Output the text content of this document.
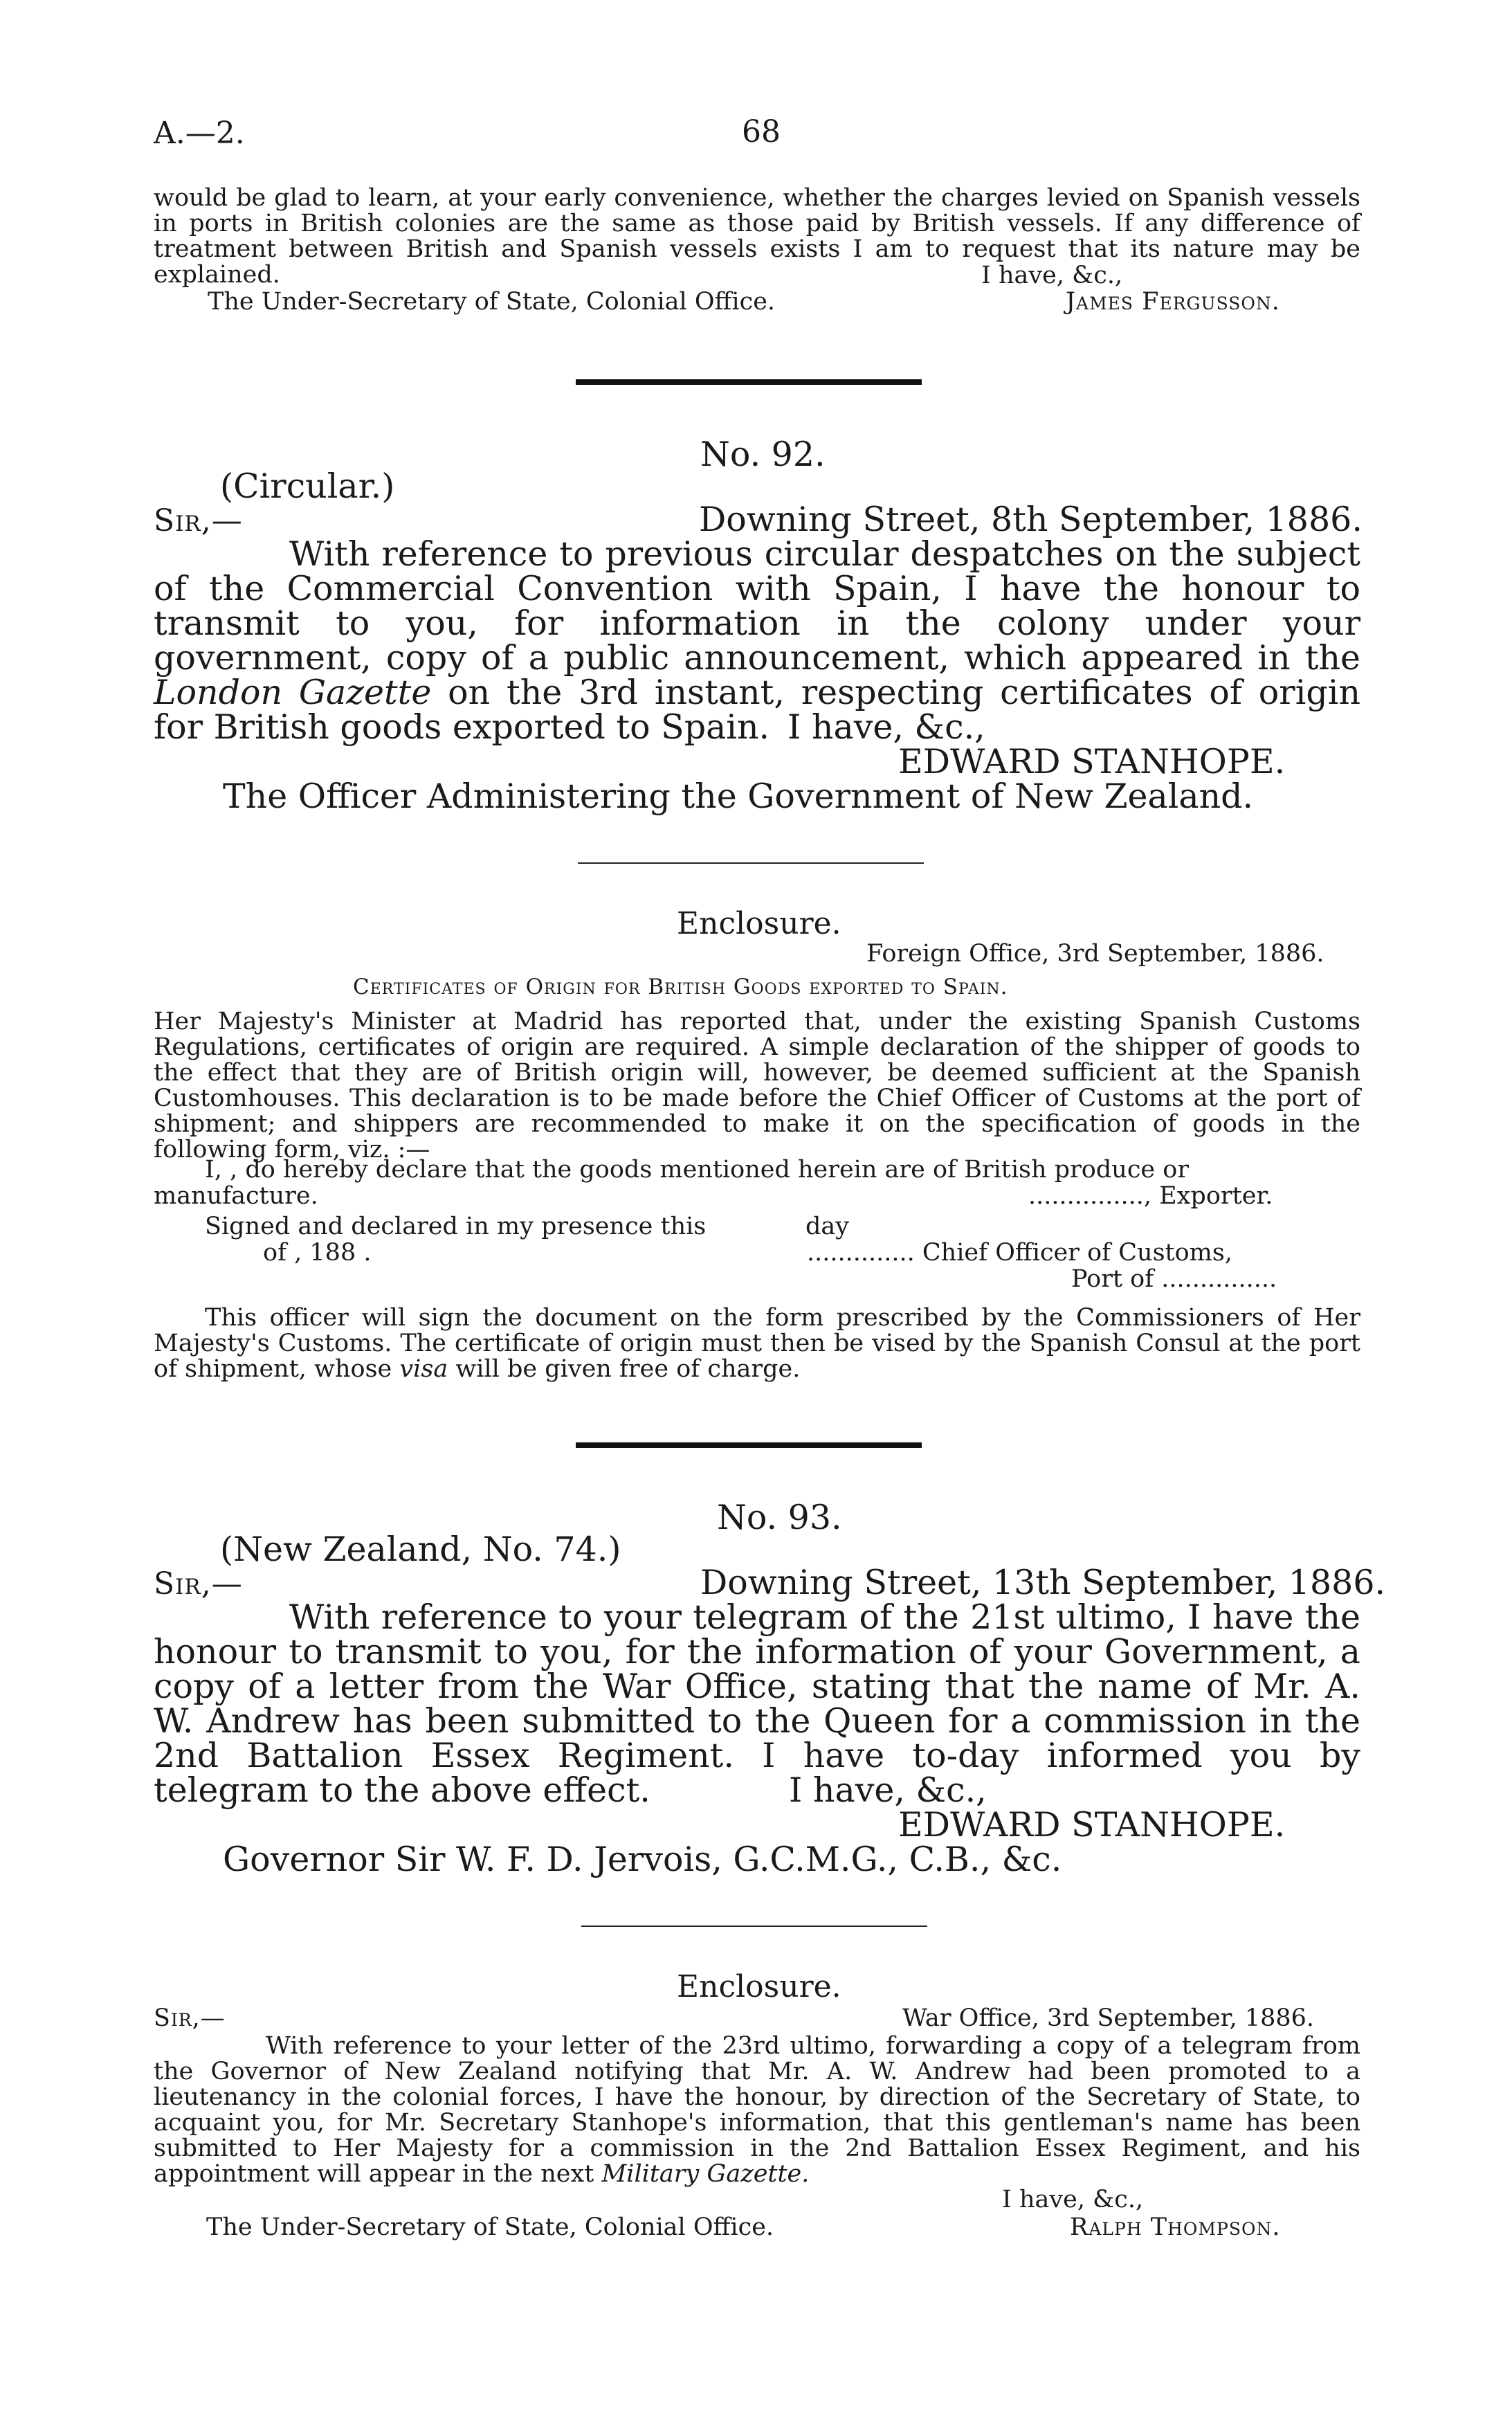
A.—2.	68
would be glad to learn, at your early convenience, whether the charges levied on Spanish vessels in ports in British colonies are the same as those paid by British vessels. If any difference of treatment between British and Spanish vessels exists I am to request that its nature may be explained.	I have, &c.,
The Under-Secretary of State, Colonial Office.	James Fergusson.
No. 92.
(Circular.)
Sir,—	Downing Street, 8th September, 1886.
With reference to previous circular despatches on the subject of the Commercial Convention with Spain, I have the honour to transmit to you, for information in the colony under your government, copy of a public announcement, which appeared in the London Gazette on the 3rd instant, respecting certificates of origin for British goods exported to Spain. I have, &c.,
EDWARD STANHOPE.
The Officer Administering the Government of New Zealand.
Enclosure.
Foreign Office, 3rd September, 1886.
Certificates of Origin for British Goods exported to Spain.
Her Majesty's Minister at Madrid has reported that, under the existing Spanish Customs Regulations, certificates of origin are required. A simple declaration of the shipper of goods to the effect that they are of British origin will, however, be deemed sufficient at the Spanish Customhouses. This declaration is to be made before the Chief Officer of Customs at the port of shipment; and shippers are recommended to make it on the specification of goods in the following form, viz. :—
I, , do hereby declare that the goods mentioned herein are of British produce or
manufacture.	..............., Exporter.
Signed and declared in my presence this	day
of , 188 .	.............. Chief Officer of Customs,
Port of ...............
This officer will sign the document on the form prescribed by the Commissioners of Her Majesty's Customs. The certificate of origin must then be vised by the Spanish Consul at the port of shipment, whose visa will be given free of charge.
No. 93.
(New Zealand, No. 74.)
Sir,—	Downing Street, 13th September, 1886.
With reference to your telegram of the 21st ultimo, I have the honour to transmit to you, for the information of your Government, a copy of a letter from the War Office, stating that the name of Mr. A. W. Andrew has been submitted to the Queen for a commission in the 2nd Battalion Essex Regiment. I have to-day informed you by telegram to the above effect.	I have, &c.,
EDWARD STANHOPE.
Governor Sir W. F. D. Jervois, G.C.M.G., C.B., &c.
Enclosure.
Sir,—	War Office, 3rd September, 1886.
With reference to your letter of the 23rd ultimo, forwarding a copy of a telegram from the Governor of New Zealand notifying that Mr. A. W. Andrew had been promoted to a lieutenancy in the colonial forces, I have the honour, by direction of the Secretary of State, to acquaint you, for Mr. Secretary Stanhope's information, that this gentleman's name has been submitted to Her Majesty for a commission in the 2nd Battalion Essex Regiment, and his appointment will appear in the next Military Gazette.
I have, &c.,
The Under-Secretary of State, Colonial Office.	Ralph Thompson.
